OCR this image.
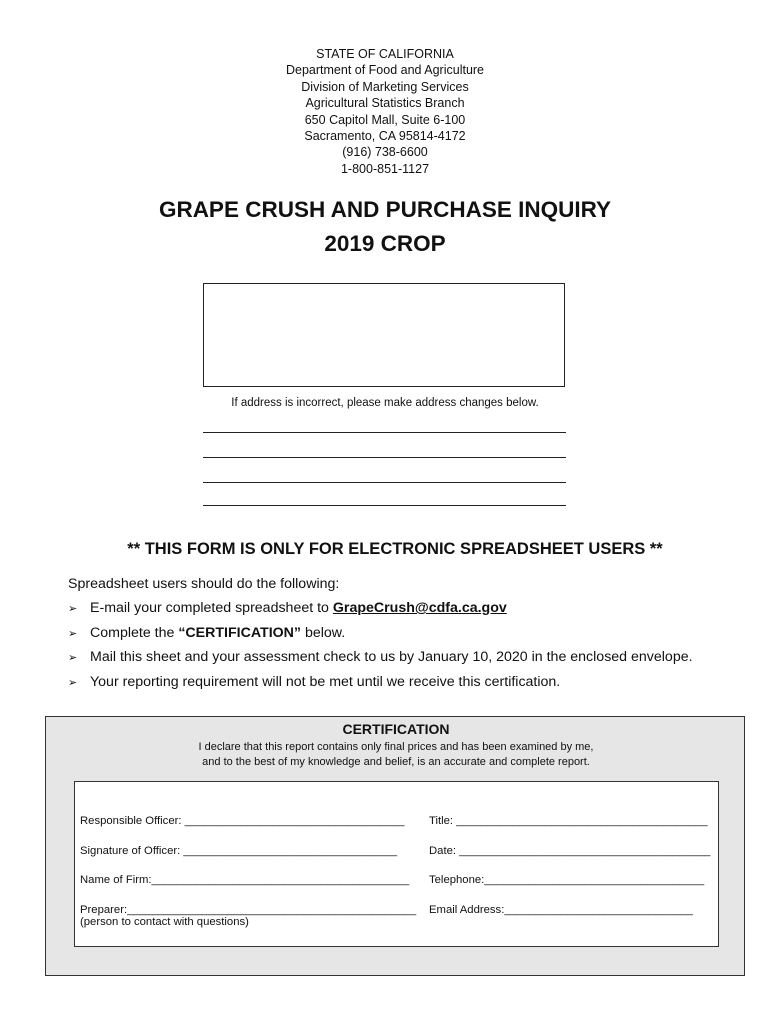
STATE OF CALIFORNIA
Department of Food and Agriculture
Division of Marketing Services
Agricultural Statistics Branch
650 Capitol Mall, Suite 6-100
Sacramento, CA 95814-4172
(916) 738-6600
1-800-851-1127
GRAPE CRUSH AND PURCHASE INQUIRY
2019 CROP
If address is incorrect, please make address changes below.
** THIS FORM IS ONLY FOR ELECTRONIC SPREADSHEET USERS **
Spreadsheet users should do the following:
➢ E-mail your completed spreadsheet to GrapeCrush@cdfa.ca.gov
➢ Complete the “CERTIFICATION” below.
➢ Mail this sheet and your assessment check to us by January 10, 2020 in the enclosed envelope.
➢ Your reporting requirement will not be met until we receive this certification.
CERTIFICATION
I declare that this report contains only final prices and has been examined by me,
and to the best of my knowledge and belief, is an accurate and complete report.
Responsible Officer: ___________________________________ Title: ________________________________________
Signature of Officer: __________________________________	Date: ________________________________________
Name of Firm:_________________________________________ Telephone:___________________________________
Preparer:______________________________________________
(person to contact with questions)
Email Address:______________________________
